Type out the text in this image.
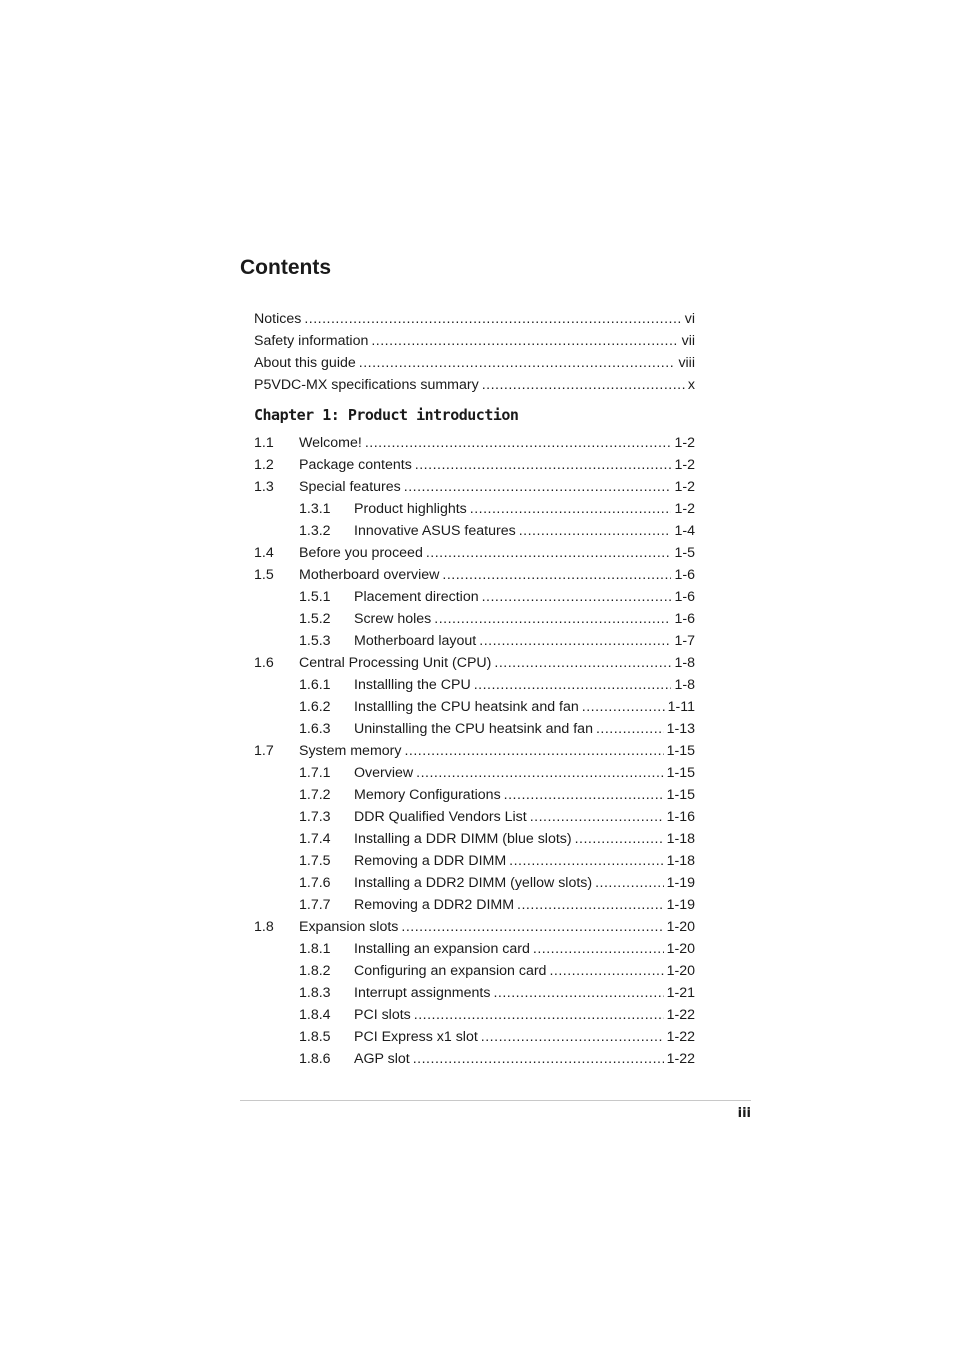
Contents
Notices .....	vi
Safety information .....	vii
About this guide .....	viii
P5VDC-MX specifications summary .....	x
Chapter 1: Product introduction
1.1	Welcome! .....	1-2
1.2	Package contents .....	1-2
1.3	Special features .....	1-2
1.3.1	Product highlights .....	1-2
1.3.2	Innovative ASUS features .....	1-4
1.4	Before you proceed .....	1-5
1.5	Motherboard overview .....	1-6
1.5.1	Placement direction .....	1-6
1.5.2	Screw holes .....	1-6
1.5.3	Motherboard layout .....	1-7
1.6	Central Processing Unit (CPU) .....	1-8
1.6.1	Installling the CPU .....	1-8
1.6.2	Installling the CPU heatsink and fan .....	1-11
1.6.3	Uninstalling the CPU heatsink and fan .....	1-13
1.7	System memory .....	1-15
1.7.1	Overview .....	1-15
1.7.2	Memory Configurations .....	1-15
1.7.3	DDR Qualified Vendors List .....	1-16
1.7.4	Installing a DDR DIMM (blue slots) .....	1-18
1.7.5	Removing a DDR DIMM .....	1-18
1.7.6	Installing a DDR2 DIMM (yellow slots) .....	1-19
1.7.7	Removing a DDR2 DIMM .....	1-19
1.8	Expansion slots .....	1-20
1.8.1	Installing an expansion card .....	1-20
1.8.2	Configuring an expansion card .....	1-20
1.8.3	Interrupt assignments .....	1-21
1.8.4	PCI slots .....	1-22
1.8.5	PCI Express x1 slot .....	1-22
1.8.6	AGP slot .....	1-22
iii
